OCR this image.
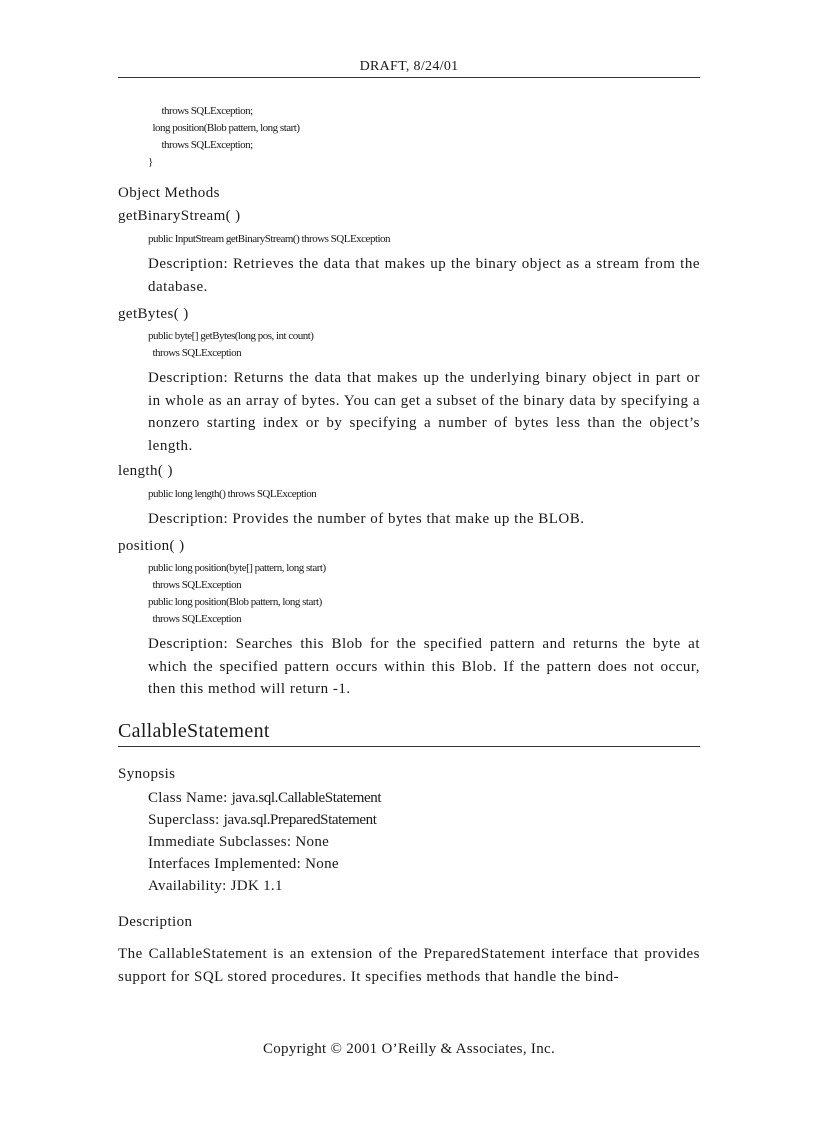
DRAFT, 8/24/01
throws SQLException;
long position(Blob pattern, long start)
throws SQLException;
}
Object Methods
getBinaryStream( )
public InputStream getBinaryStream() throws SQLException
Description: Retrieves the data that makes up the binary object as a stream from the database.
getBytes( )
public byte[] getBytes(long pos, int count)
throws SQLException
Description: Returns the data that makes up the underlying binary object in part or in whole as an array of bytes. You can get a subset of the binary data by specifying a nonzero starting index or by specifying a number of bytes less than the object’s length.
length( )
public long length() throws SQLException
Description: Provides the number of bytes that make up the BLOB.
position( )
public long position(byte[] pattern, long start)
throws SQLException
public long position(Blob pattern, long start)
throws SQLException
Description: Searches this Blob for the specified pattern and returns the byte at which the specified pattern occurs within this Blob. If the pattern does not occur, then this method will return -1.
CallableStatement
Synopsis
Class Name: java.sql.CallableStatement
Superclass: java.sql.PreparedStatement
Immediate Subclasses: None
Interfaces Implemented: None
Availability: JDK 1.1
Description
The CallableStatement is an extension of the PreparedStatement interface that provides support for SQL stored procedures. It specifies methods that handle the bind-
Copyright © 2001 O’Reilly & Associates, Inc.
